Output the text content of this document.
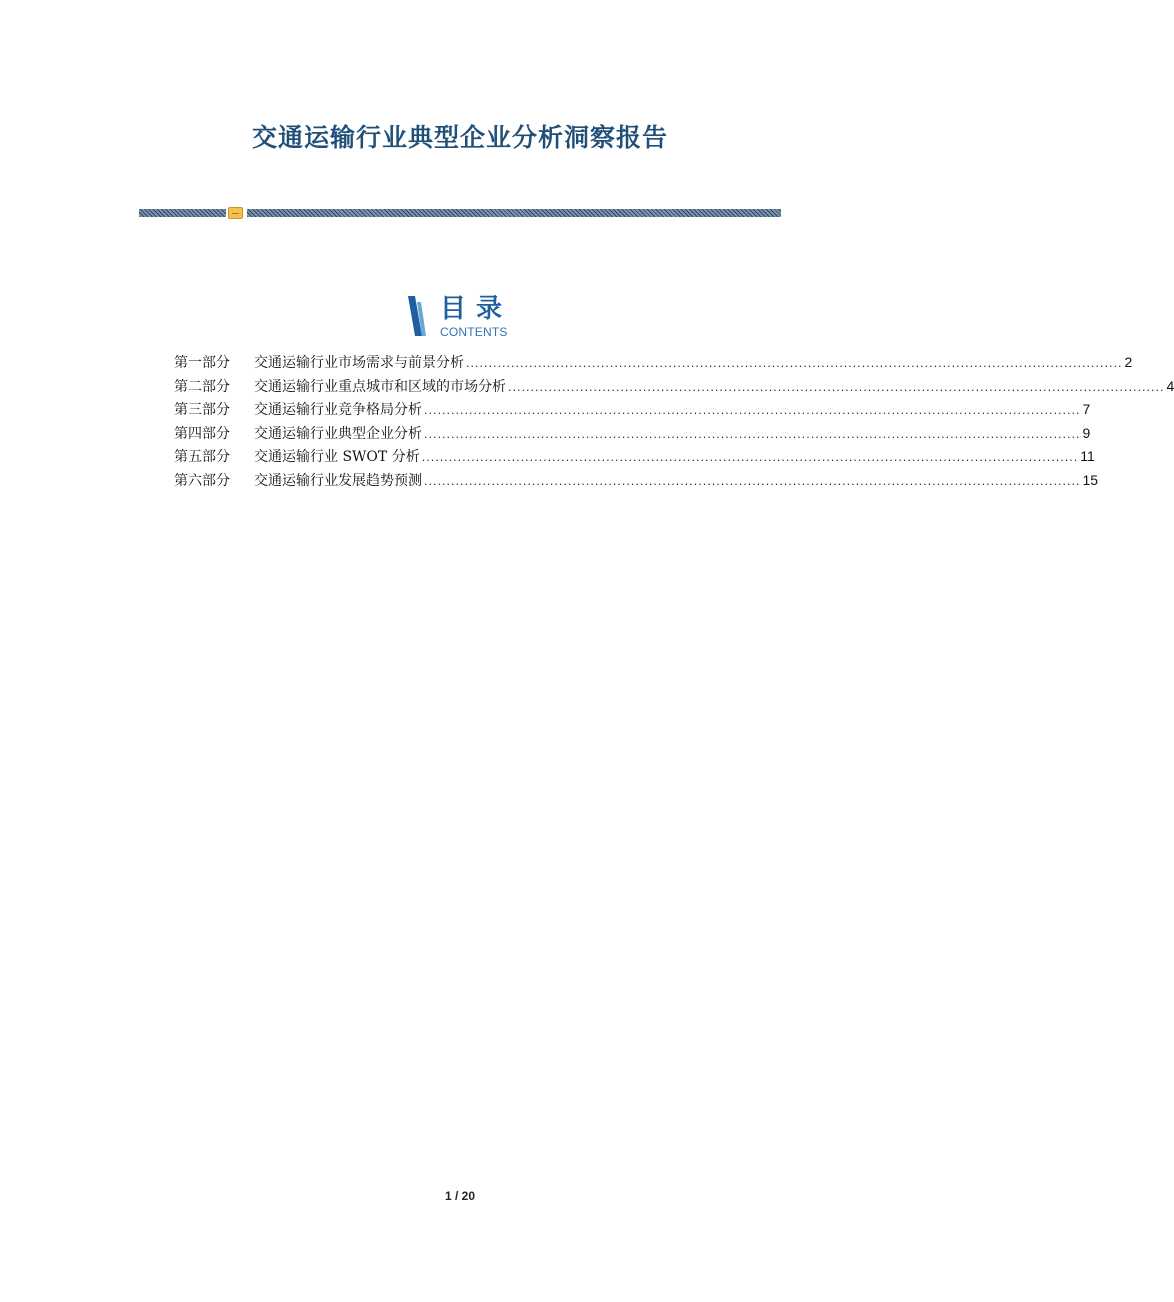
交通运输行业典型企业分析洞察报告
目录
CONTENTS
第一部分	交通运输行业市场需求与前景分析 .................................................................................................................................................. 2
第二部分	交通运输行业重点城市和区域的市场分析 .................................................................................................................................................. 4
第三部分	交通运输行业竞争格局分析 .................................................................................................................................................. 7
第四部分	交通运输行业典型企业分析 .................................................................................................................................................. 9
第五部分	交通运输行业 SWOT 分析 .................................................................................................................................................. 11
第六部分	交通运输行业发展趋势预测 .................................................................................................................................................. 15
1 / 20
